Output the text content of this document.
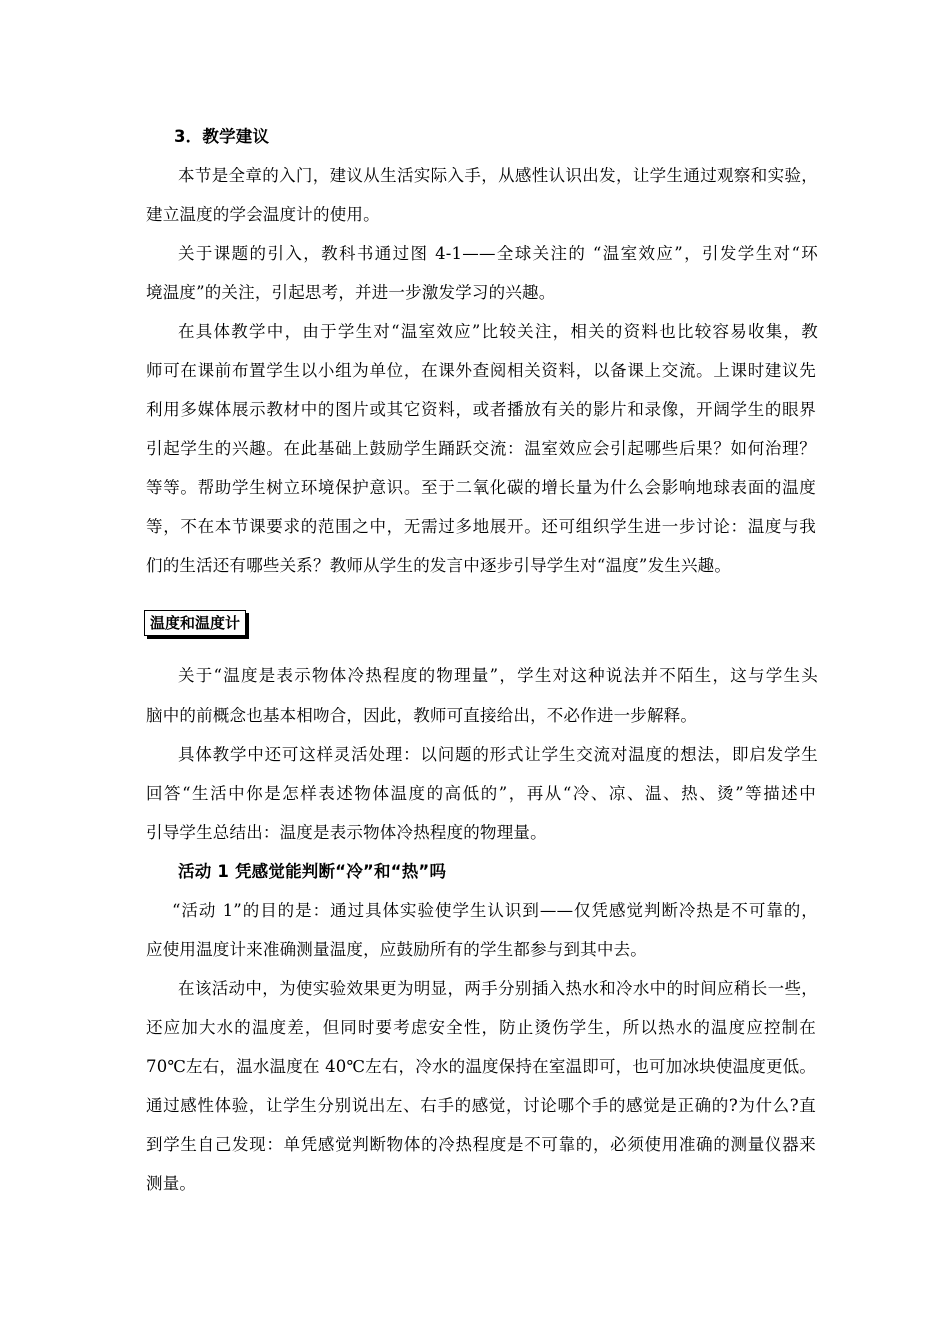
3．教学建议
本节是全章的入门，建议从生活实际入手，从感性认识出发，让学生通过观察和实验，
建立温度的学会温度计的使用。
关于课题的引入，教科书通过图 4-1——全球关注的 “温室效应”，引发学生对“环
境温度”的关注，引起思考，并进一步激发学习的兴趣。
在具体教学中，由于学生对“温室效应”比较关注，相关的资料也比较容易收集，教
师可在课前布置学生以小组为单位，在课外查阅相关资料，以备课上交流。上课时建议先
利用多媒体展示教材中的图片或其它资料，或者播放有关的影片和录像，开阔学生的眼界
引起学生的兴趣。在此基础上鼓励学生踊跃交流：温室效应会引起哪些后果？如何治理？
等等。帮助学生树立环境保护意识。至于二氧化碳的增长量为什么会影响地球表面的温度
等，不在本节课要求的范围之中，无需过多地展开。还可组织学生进一步讨论：温度与我
们的生活还有哪些关系？教师从学生的发言中逐步引导学生对“温度”发生兴趣。
温度和温度计
关于“温度是表示物体冷热程度的物理量”，学生对这种说法并不陌生，这与学生头
脑中的前概念也基本相吻合，因此，教师可直接给出，不必作进一步解释。
具体教学中还可这样灵活处理：以问题的形式让学生交流对温度的想法，即启发学生
回答“生活中你是怎样表述物体温度的高低的”，再从“冷、凉、温、热、烫”等描述中
引导学生总结出：温度是表示物体冷热程度的物理量。
活动 1 凭感觉能判断“冷”和“热”吗
“活动 1”的目的是：通过具体实验使学生认识到——仅凭感觉判断冷热是不可靠的，
应使用温度计来准确测量温度，应鼓励所有的学生都参与到其中去。
在该活动中，为使实验效果更为明显，两手分别插入热水和冷水中的时间应稍长一些，
还应加大水的温度差，但同时要考虑安全性，防止烫伤学生，所以热水的温度应控制在
70℃左右，温水温度在 40℃左右，冷水的温度保持在室温即可，也可加冰块使温度更低。
通过感性体验，让学生分别说出左、右手的感觉，讨论哪个手的感觉是正确的?为什么?直
到学生自己发现：单凭感觉判断物体的冷热程度是不可靠的，必须使用准确的测量仪器来
测量。
